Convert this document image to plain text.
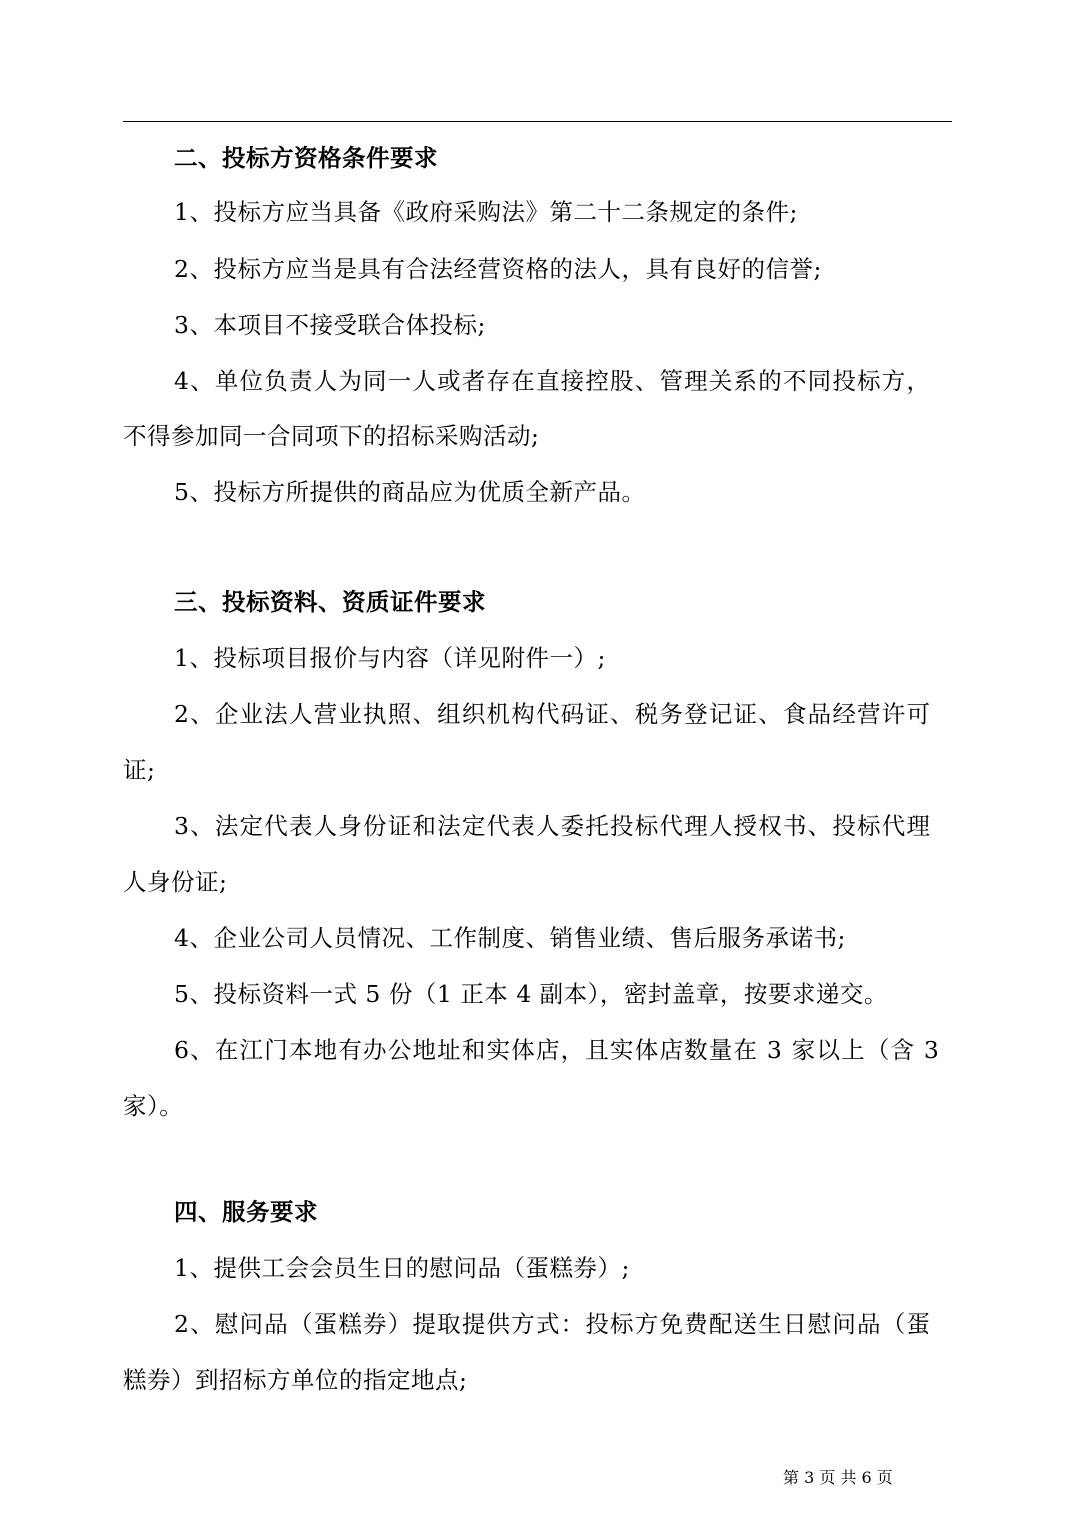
二、投标方资格条件要求
1、投标方应当具备《政府采购法》第二十二条规定的条件;
2、投标方应当是具有合法经营资格的法人，具有良好的信誉;
3、本项目不接受联合体投标;
4、单位负责人为同一人或者存在直接控股、管理关系的不同投标方，
不得参加同一合同项下的招标采购活动;
5、投标方所提供的商品应为优质全新产品。
三、投标资料、资质证件要求
1、投标项目报价与内容（详见附件一）;
2、企业法人营业执照、组织机构代码证、税务登记证、食品经营许可
证;
3、法定代表人身份证和法定代表人委托投标代理人授权书、投标代理
人身份证;
4、企业公司人员情况、工作制度、销售业绩、售后服务承诺书;
5、投标资料一式 5 份（1 正本 4 副本），密封盖章，按要求递交。
6、在江门本地有办公地址和实体店，且实体店数量在 3 家以上（含 3
家）。
四、服务要求
1、提供工会会员生日的慰问品（蛋糕券）;
2、慰问品（蛋糕券）提取提供方式：投标方免费配送生日慰问品（蛋
糕券）到招标方单位的指定地点;
第 3 页 共 6 页
